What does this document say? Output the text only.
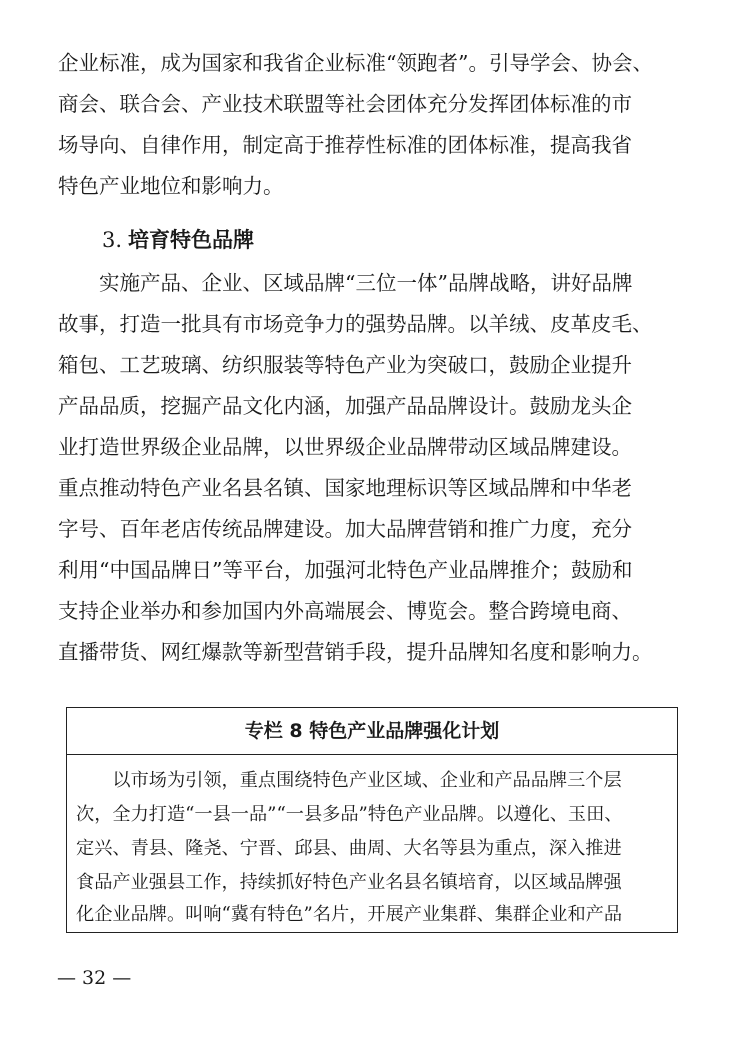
企业标准，成为国家和我省企业标准“领跑者”。引导学会、协会、
商会、联合会、产业技术联盟等社会团体充分发挥团体标准的市
场导向、自律作用，制定高于推荐性标准的团体标准，提高我省
特色产业地位和影响力。
3. 培育特色品牌
　　实施产品、企业、区域品牌“三位一体”品牌战略，讲好品牌
故事，打造一批具有市场竞争力的强势品牌。以羊绒、皮革皮毛、
箱包、工艺玻璃、纺织服装等特色产业为突破口，鼓励企业提升
产品品质，挖掘产品文化内涵，加强产品品牌设计。鼓励龙头企
业打造世界级企业品牌，以世界级企业品牌带动区域品牌建设。
重点推动特色产业名县名镇、国家地理标识等区域品牌和中华老
字号、百年老店传统品牌建设。加大品牌营销和推广力度，充分
利用“中国品牌日”等平台，加强河北特色产业品牌推介；鼓励和
支持企业举办和参加国内外高端展会、博览会。整合跨境电商、
直播带货、网红爆款等新型营销手段，提升品牌知名度和影响力。
专栏 8 特色产业品牌强化计划
　　以市场为引领，重点围绕特色产业区域、企业和产品品牌三个层
次，全力打造“一县一品”“一县多品”特色产业品牌。以遵化、玉田、
定兴、青县、隆尧、宁晋、邱县、曲周、大名等县为重点，深入推进
食品产业强县工作，持续抓好特色产业名县名镇培育，以区域品牌强
化企业品牌。叫响“冀有特色”名片，开展产业集群、集群企业和产品
— 32 —
